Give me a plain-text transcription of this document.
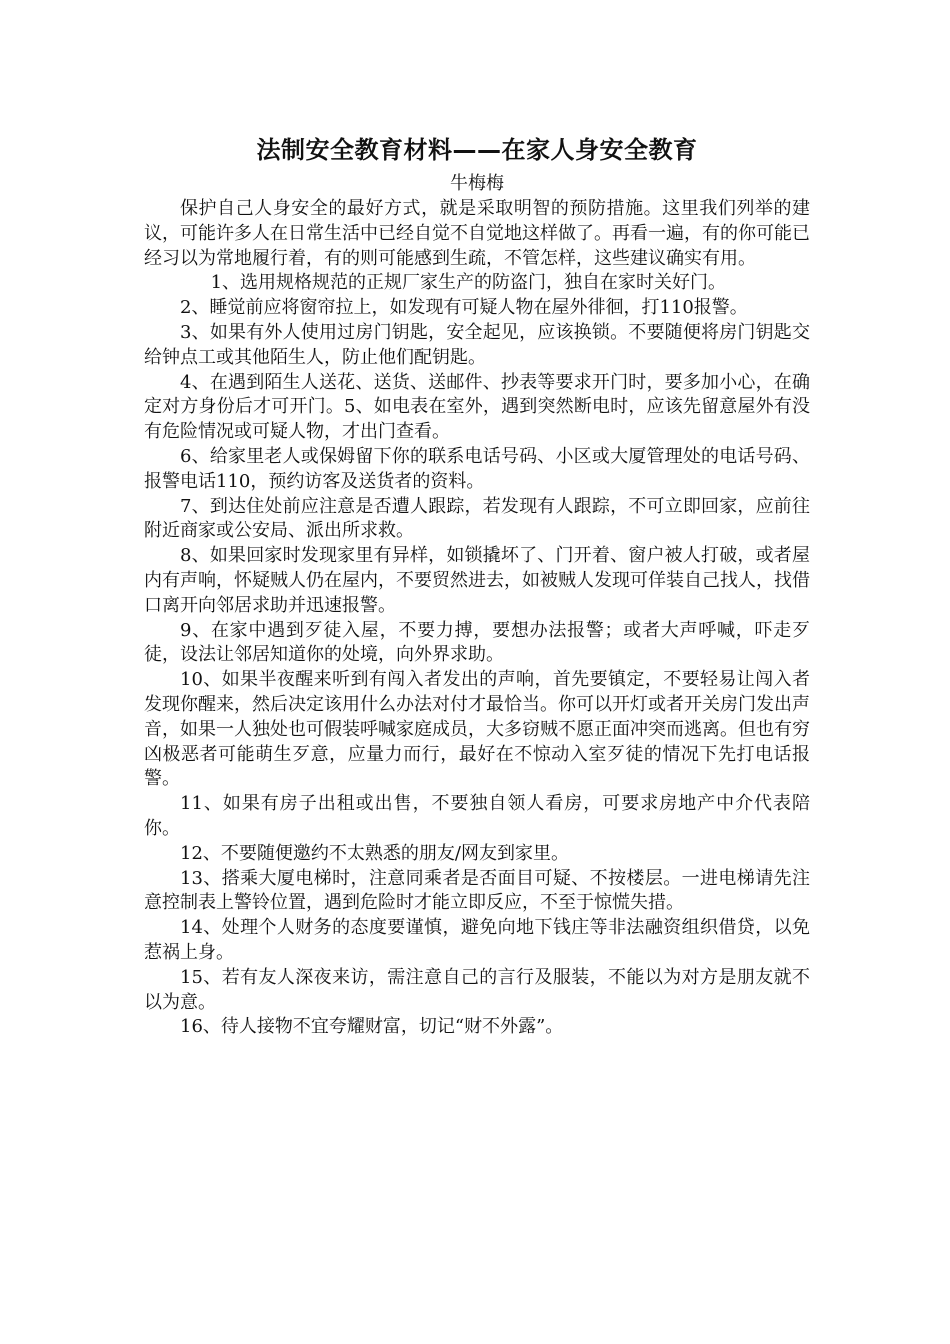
法制安全教育材料——在家人身安全教育
牛梅梅

保护自己人身安全的最好方式，就是采取明智的预防措施。这里我们列举的建议，可能许多人在日常生活中已经自觉不自觉地这样做了。再看一遍，有的你可能已经习以为常地履行着，有的则可能感到生疏，不管怎样，这些建议确实有用。

1、选用规格规范的正规厂家生产的防盗门，独自在家时关好门。

2、睡觉前应将窗帘拉上，如发现有可疑人物在屋外徘徊，打110报警。

3、如果有外人使用过房门钥匙，安全起见，应该换锁。不要随便将房门钥匙交给钟点工或其他陌生人，防止他们配钥匙。

4、在遇到陌生人送花、送货、送邮件、抄表等要求开门时，要多加小心，在确定对方身份后才可开门。5、如电表在室外，遇到突然断电时，应该先留意屋外有没有危险情况或可疑人物，才出门查看。

6、给家里老人或保姆留下你的联系电话号码、小区或大厦管理处的电话号码、报警电话110，预约访客及送货者的资料。

7、到达住处前应注意是否遭人跟踪，若发现有人跟踪，不可立即回家，应前往附近商家或公安局、派出所求救。

8、如果回家时发现家里有异样，如锁撬坏了、门开着、窗户被人打破，或者屋内有声响，怀疑贼人仍在屋内，不要贸然进去，如被贼人发现可佯装自己找人，找借口离开向邻居求助并迅速报警。

9、在家中遇到歹徒入屋，不要力搏，要想办法报警；或者大声呼喊，吓走歹徒，设法让邻居知道你的处境，向外界求助。

10、如果半夜醒来听到有闯入者发出的声响，首先要镇定，不要轻易让闯入者发现你醒来，然后决定该用什么办法对付才最恰当。你可以开灯或者开关房门发出声音，如果一人独处也可假装呼喊家庭成员，大多窃贼不愿正面冲突而逃离。但也有穷凶极恶者可能萌生歹意，应量力而行，最好在不惊动入室歹徒的情况下先打电话报警。

11、如果有房子出租或出售，不要独自领人看房，可要求房地产中介代表陪你。

12、不要随便邀约不太熟悉的朋友/网友到家里。

13、搭乘大厦电梯时，注意同乘者是否面目可疑、不按楼层。一进电梯请先注意控制表上警铃位置，遇到危险时才能立即反应，不至于惊慌失措。

14、处理个人财务的态度要谨慎，避免向地下钱庄等非法融资组织借贷，以免惹祸上身。

15、若有友人深夜来访，需注意自己的言行及服装，不能以为对方是朋友就不以为意。

16、待人接物不宜夸耀财富，切记“财不外露”。
